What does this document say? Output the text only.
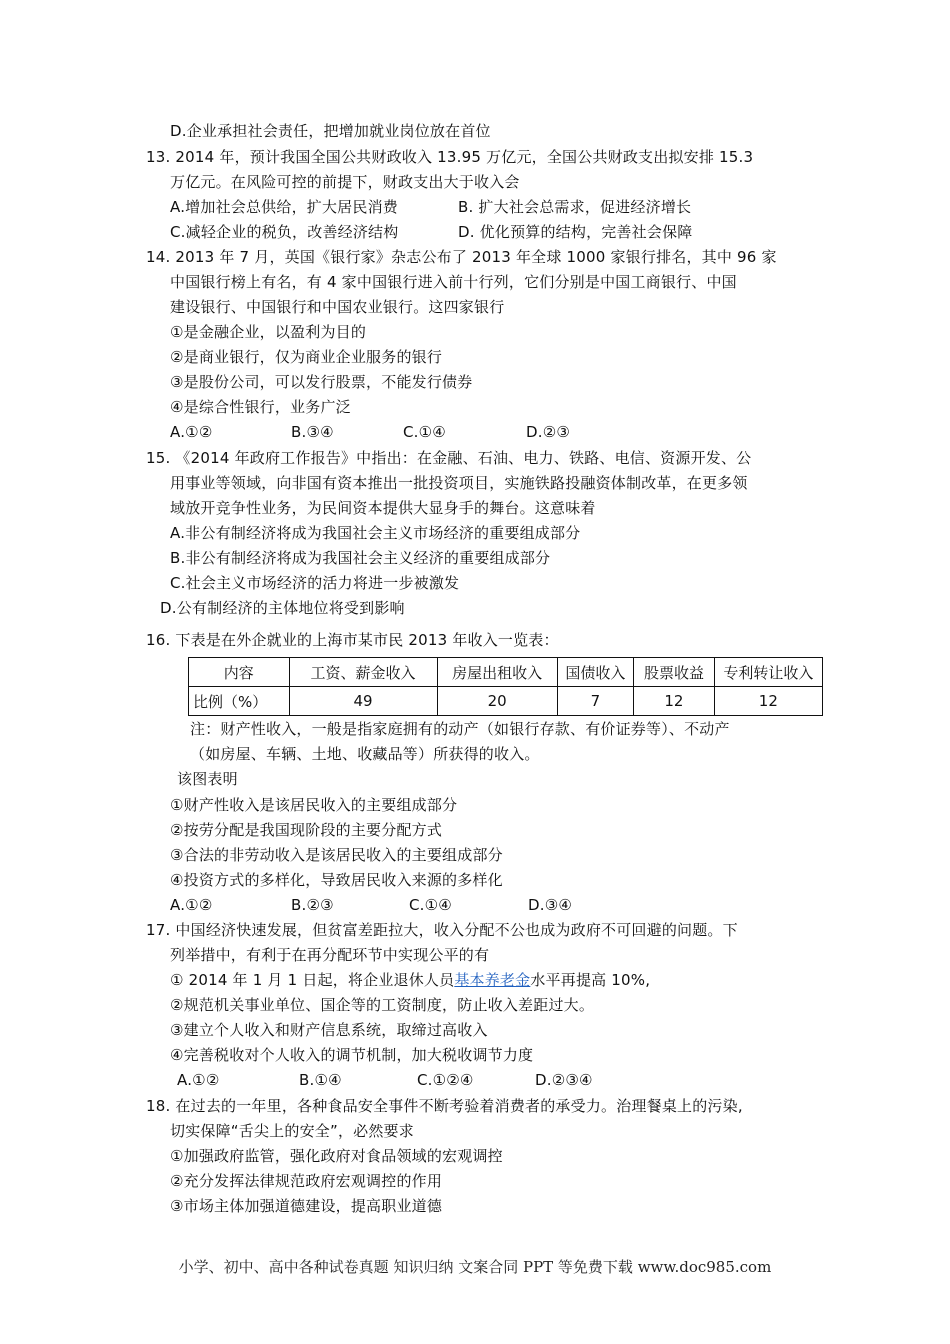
D.企业承担社会责任，把增加就业岗位放在首位
13. 2014 年，预计我国全国公共财政收入 13.95 万亿元，全国公共财政支出拟安排 15.3
万亿元。在风险可控的前提下，财政支出大于收入会
A.增加社会总供给，扩大居民消费	B. 扩大社会总需求，促进经济增长
C.减轻企业的税负，改善经济结构	D. 优化预算的结构，完善社会保障
14. 2013 年 7 月，英国《银行家》杂志公布了 2013 年全球 1000 家银行排名，其中 96 家
中国银行榜上有名，有 4 家中国银行进入前十行列，它们分别是中国工商银行、中国
建设银行、中国银行和中国农业银行。这四家银行
①是金融企业，以盈利为目的
②是商业银行，仅为商业企业服务的银行
③是股份公司，可以发行股票，不能发行债券
④是综合性银行，业务广泛
A.①②	B.③④	C.①④	D.②③
15. 《2014 年政府工作报告》中指出：在金融、石油、电力、铁路、电信、资源开发、公
用事业等领域，向非国有资本推出一批投资项目，实施铁路投融资体制改革，在更多领
域放开竞争性业务，为民间资本提供大显身手的舞台。这意味着
A.非公有制经济将成为我国社会主义市场经济的重要组成部分
B.非公有制经济将成为我国社会主义经济的重要组成部分
C.社会主义市场经济的活力将进一步被激发
D.公有制经济的主体地位将受到影响
16. 下表是在外企就业的上海市某市民 2013 年收入一览表：
内容	工资、薪金收入	房屋出租收入	国债收入	股票收益	专利转让收入
比例（%）	49	20	7	12	12
注：财产性收入，一般是指家庭拥有的动产（如银行存款、有价证券等）、不动产
（如房屋、车辆、土地、收藏品等）所获得的收入。
该图表明
①财产性收入是该居民收入的主要组成部分
②按劳分配是我国现阶段的主要分配方式
③合法的非劳动收入是该居民收入的主要组成部分
④投资方式的多样化，导致居民收入来源的多样化
A.①②	B.②③	C.①④	D.③④
17. 中国经济快速发展，但贫富差距拉大，收入分配不公也成为政府不可回避的问题。下
列举措中，有利于在再分配环节中实现公平的有
① 2014 年 1 月 1 日起，将企业退休人员基本养老金水平再提高 10%,
②规范机关事业单位、国企等的工资制度，防止收入差距过大。
③建立个人收入和财产信息系统，取缔过高收入
④完善税收对个人收入的调节机制，加大税收调节力度
A.①②	B.①④	C.①②④	D.②③④
18. 在过去的一年里，各种食品安全事件不断考验着消费者的承受力。治理餐桌上的污染,
切实保障“舌尖上的安全”，必然要求
①加强政府监管，强化政府对食品领域的宏观调控
②充分发挥法律规范政府宏观调控的作用
③市场主体加强道德建设，提高职业道德
小学、初中、高中各种试卷真题 知识归纳 文案合同 PPT 等免费下载 www.doc985.com
